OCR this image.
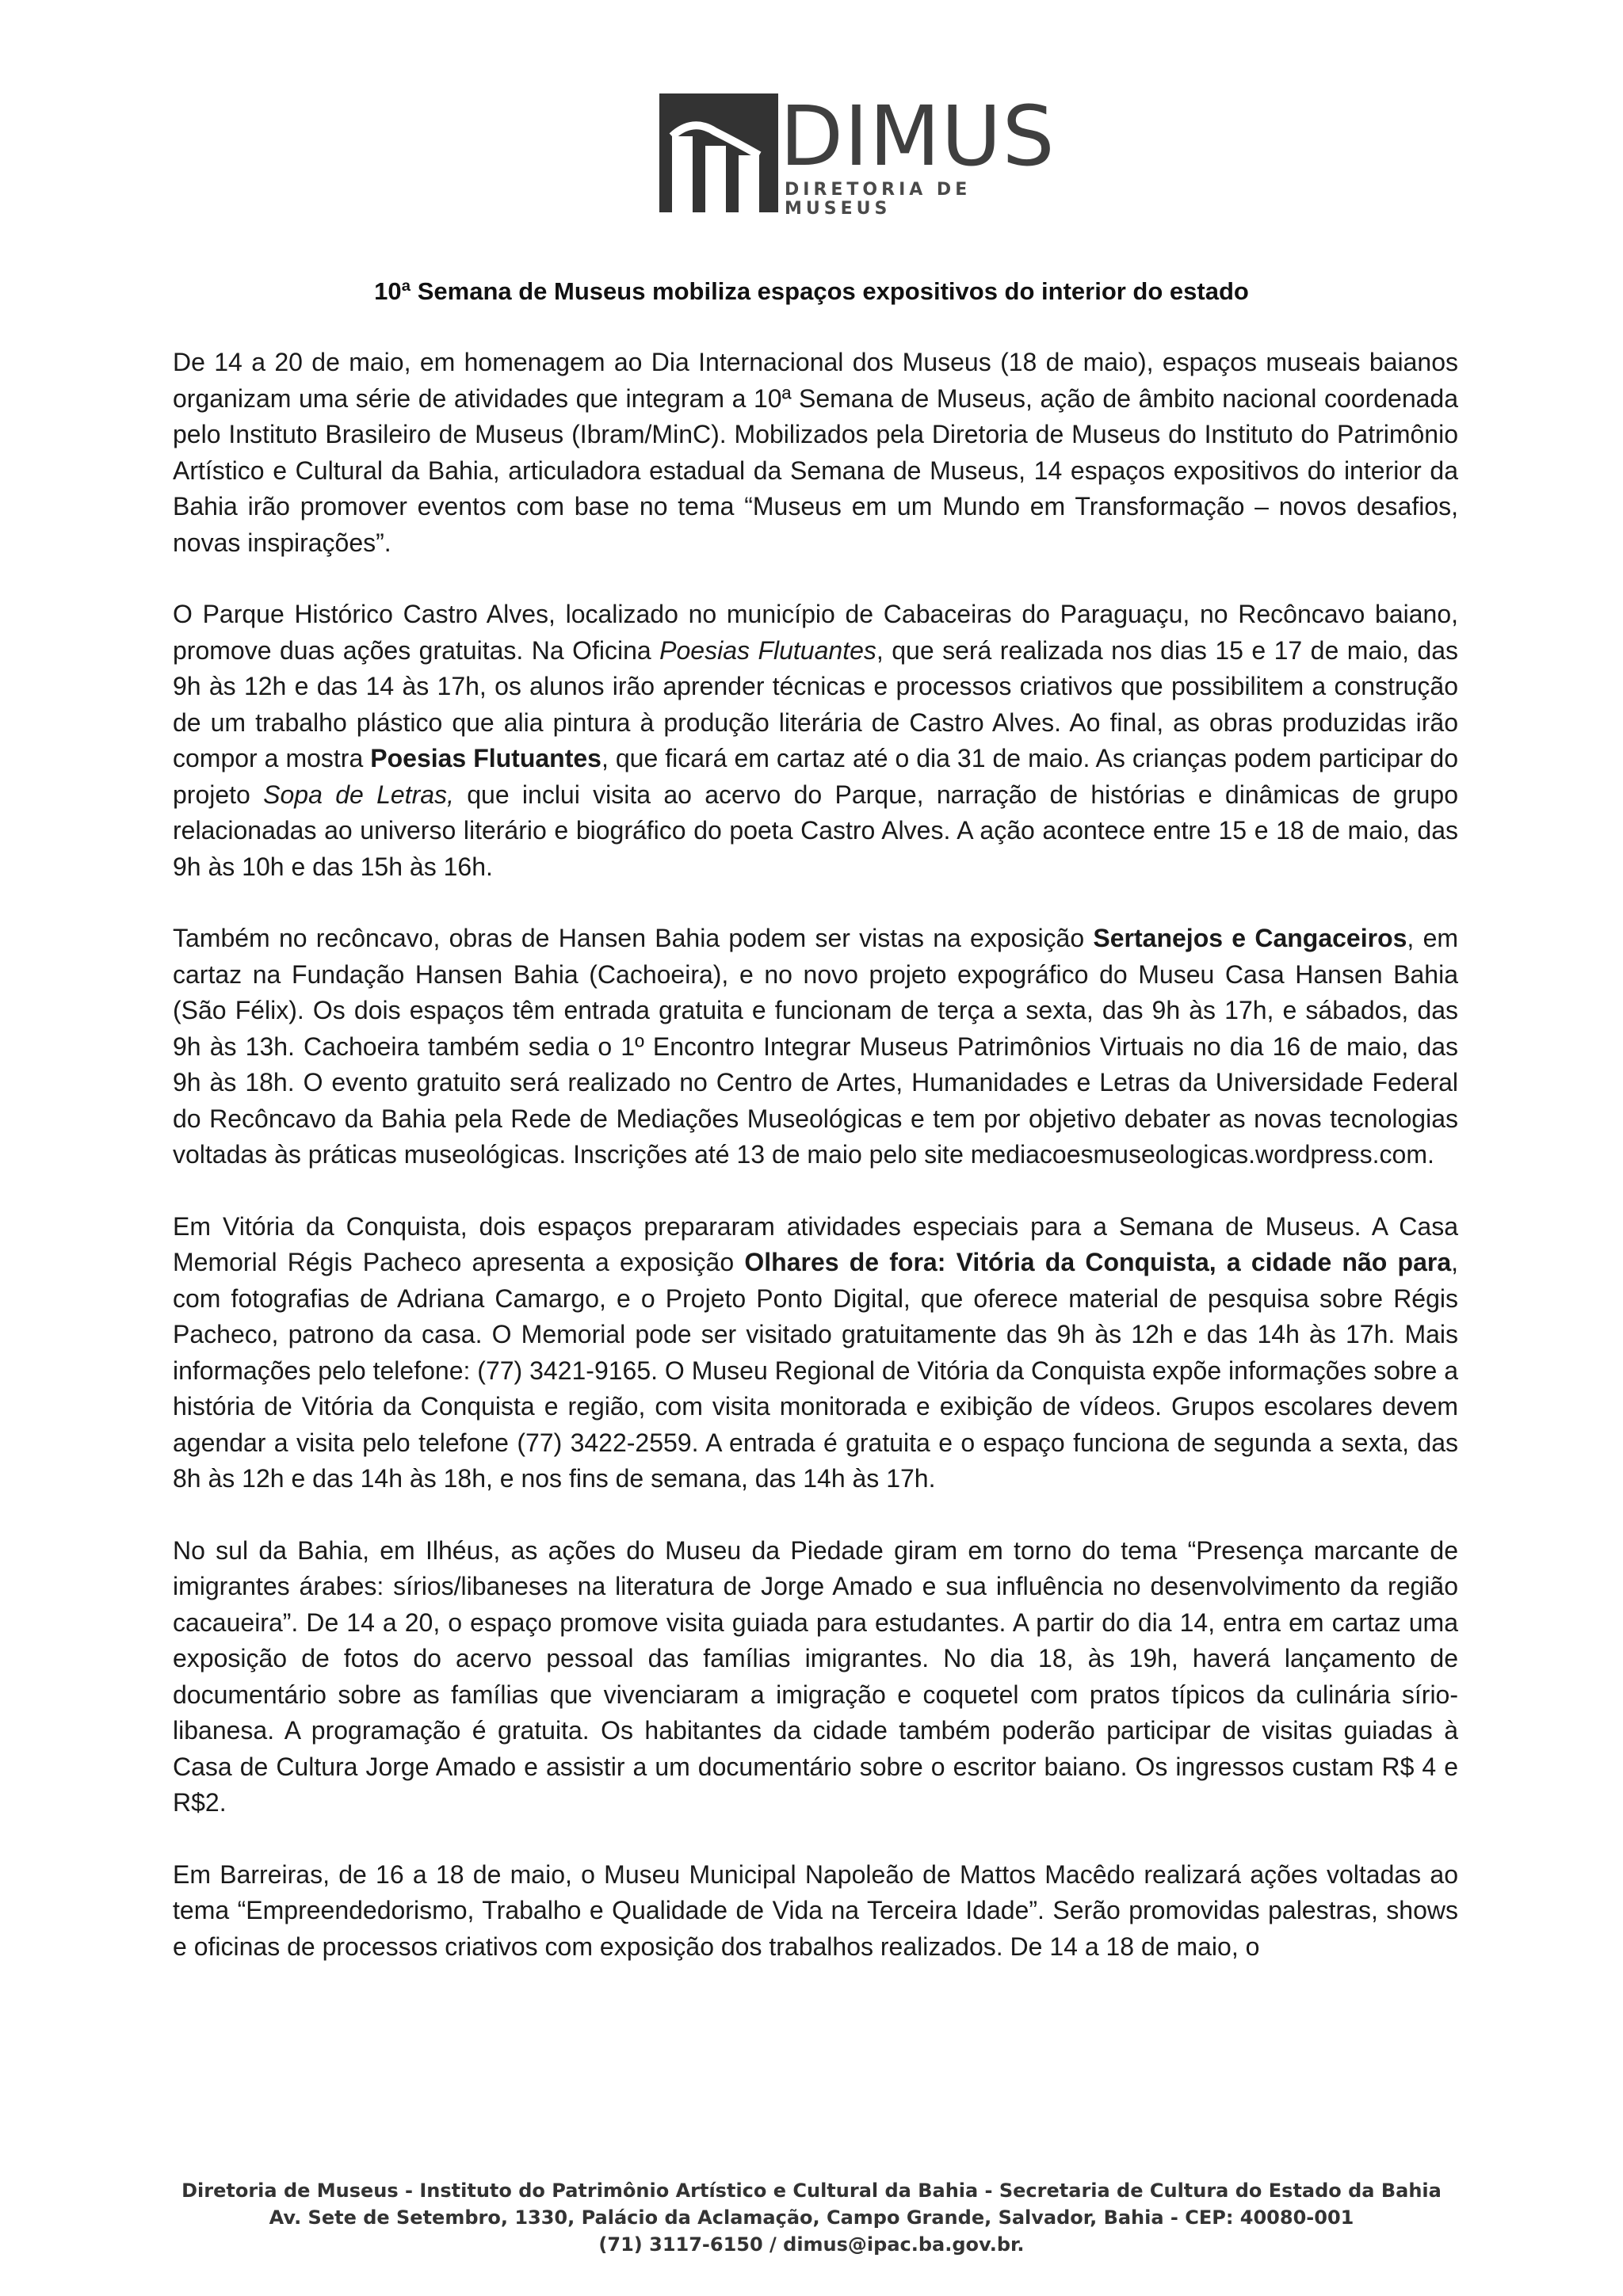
DIMUS
DIRETORIA DE MUSEUS
10ª Semana de Museus mobiliza espaços expositivos do interior do estado

De 14 a 20 de maio, em homenagem ao Dia Internacional dos Museus (18 de maio), espaços museais baianos organizam uma série de atividades que integram a 10ª Semana de Museus, ação de âmbito nacional coordenada pelo Instituto Brasileiro de Museus (Ibram/MinC). Mobilizados pela Diretoria de Museus do Instituto do Patrimônio Artístico e Cultural da Bahia, articuladora estadual da Semana de Museus, 14 espaços expositivos do interior da Bahia irão promover eventos com base no tema “Museus em um Mundo em Transformação – novos desafios, novas inspirações”.

O Parque Histórico Castro Alves, localizado no município de Cabaceiras do Paraguaçu, no Recôncavo baiano, promove duas ações gratuitas. Na Oficina Poesias Flutuantes, que será realizada nos dias 15 e 17 de maio, das 9h às 12h e das 14 às 17h, os alunos irão aprender técnicas e processos criativos que possibilitem a construção de um trabalho plástico que alia pintura à produção literária de Castro Alves. Ao final, as obras produzidas irão compor a mostra Poesias Flutuantes, que ficará em cartaz até o dia 31 de maio. As crianças podem participar do projeto Sopa de Letras, que inclui visita ao acervo do Parque, narração de histórias e dinâmicas de grupo relacionadas ao universo literário e biográfico do poeta Castro Alves. A ação acontece entre 15 e 18 de maio, das 9h às 10h e das 15h às 16h.

Também no recôncavo, obras de Hansen Bahia podem ser vistas na exposição Sertanejos e Cangaceiros, em cartaz na Fundação Hansen Bahia (Cachoeira), e no novo projeto expográfico do Museu Casa Hansen Bahia (São Félix). Os dois espaços têm entrada gratuita e funcionam de terça a sexta, das 9h às 17h, e sábados, das 9h às 13h. Cachoeira também sedia o 1º Encontro Integrar Museus Patrimônios Virtuais no dia 16 de maio, das 9h às 18h. O evento gratuito será realizado no Centro de Artes, Humanidades e Letras da Universidade Federal do Recôncavo da Bahia pela Rede de Mediações Museológicas e tem por objetivo debater as novas tecnologias voltadas às práticas museológicas. Inscrições até 13 de maio pelo site mediacoesmuseologicas.wordpress.com.

Em Vitória da Conquista, dois espaços prepararam atividades especiais para a Semana de Museus. A Casa Memorial Régis Pacheco apresenta a exposição Olhares de fora: Vitória da Conquista, a cidade não para, com fotografias de Adriana Camargo, e o Projeto Ponto Digital, que oferece material de pesquisa sobre Régis Pacheco, patrono da casa. O Memorial pode ser visitado gratuitamente das 9h às 12h e das 14h às 17h. Mais informações pelo telefone: (77) 3421-9165. O Museu Regional de Vitória da Conquista expõe informações sobre a história de Vitória da Conquista e região, com visita monitorada e exibição de vídeos. Grupos escolares devem agendar a visita pelo telefone (77) 3422-2559. A entrada é gratuita e o espaço funciona de segunda a sexta, das 8h às 12h e das 14h às 18h, e nos fins de semana, das 14h às 17h.

No sul da Bahia, em Ilhéus, as ações do Museu da Piedade giram em torno do tema “Presença marcante de imigrantes árabes: sírios/libaneses na literatura de Jorge Amado e sua influência no desenvolvimento da região cacaueira”. De 14 a 20, o espaço promove visita guiada para estudantes. A partir do dia 14, entra em cartaz uma exposição de fotos do acervo pessoal das famílias imigrantes. No dia 18, às 19h, haverá lançamento de documentário sobre as famílias que vivenciaram a imigração e coquetel com pratos típicos da culinária sírio-libanesa. A programação é gratuita. Os habitantes da cidade também poderão participar de visitas guiadas à Casa de Cultura Jorge Amado e assistir a um documentário sobre o escritor baiano. Os ingressos custam R$ 4 e R$2.

Em Barreiras, de 16 a 18 de maio, o Museu Municipal Napoleão de Mattos Macêdo realizará ações voltadas ao tema “Empreendedorismo, Trabalho e Qualidade de Vida na Terceira Idade”. Serão promovidas palestras, shows e oficinas de processos criativos com exposição dos trabalhos realizados. De 14 a 18 de maio, o

Diretoria de Museus - Instituto do Patrimônio Artístico e Cultural da Bahia - Secretaria de Cultura do Estado da Bahia
Av. Sete de Setembro, 1330, Palácio da Aclamação, Campo Grande, Salvador, Bahia - CEP: 40080-001
(71) 3117-6150 / dimus@ipac.ba.gov.br.
